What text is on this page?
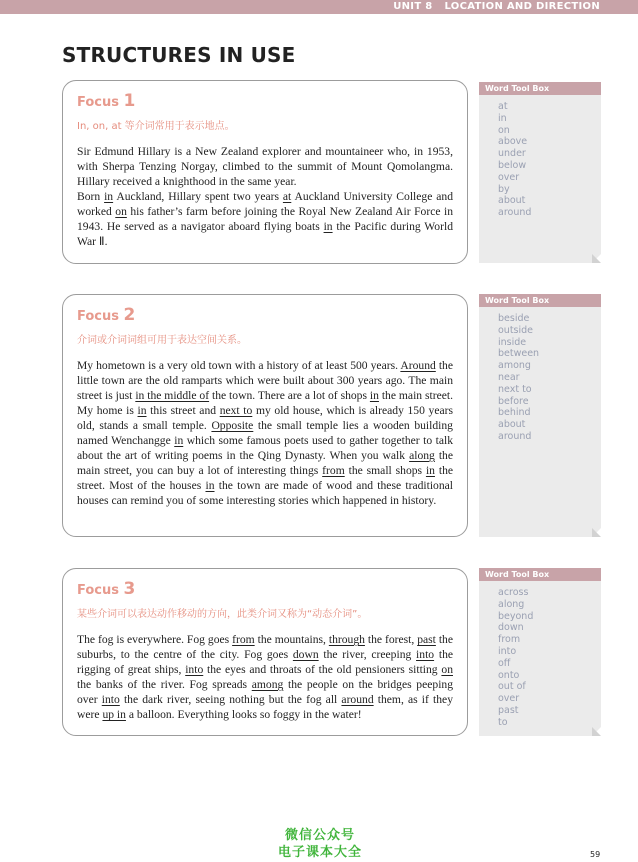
UNIT 8 LOCATION AND DIRECTION
STRUCTURES IN USE
Focus 1
In, on, at 等介词常用于表示地点。

Sir Edmund Hillary is a New Zealand explorer and mountaineer who, in 1953, with Sherpa Tenzing Norgay, climbed to the summit of Mount Qomolangma. Hillary received a knighthood in the same year.

Born in Auckland, Hillary spent two years at Auckland University College and worked on his father’s farm before joining the Royal New Zealand Air Force in 1943. He served as a navigator aboard flying boats in the Pacific during World War Ⅱ.

Word Tool Box
at
in
on
above
under
below
over
by
about
around
Focus 2
介词或介词词组可用于表达空间关系。

My hometown is a very old town with a history of at least 500 years. Around the little town are the old ramparts which were built about 300 years ago. The main street is just in the middle of the town. There are a lot of shops in the main street. My home is in this street and next to my old house, which is already 150 years old, stands a small temple. Opposite the small temple lies a wooden building named Wenchangge in which some famous poets used to gather together to talk about the art of writing poems in the Qing Dynasty. When you walk along the main street, you can buy a lot of interesting things from the small shops in the street. Most of the houses in the town are made of wood and these traditional houses can remind you of some interesting stories which happened in history.

Word Tool Box
beside
outside
inside
between
among
near
next to
before
behind
about
around
Focus 3
某些介词可以表达动作移动的方向，此类介词又称为“动态介词”。

The fog is everywhere. Fog goes from the mountains, through the forest, past the suburbs, to the centre of the city. Fog goes down the river, creeping into the rigging of great ships, into the eyes and throats of the old pensioners sitting on the banks of the river. Fog spreads among the people on the bridges peeping over into the dark river, seeing nothing but the fog all around them, as if they were up in a balloon. Everything looks so foggy in the water!

Word Tool Box
across
along
beyond
down
from
into
off
onto
out of
over
past
to
微信公众号
电子课本大全	59
